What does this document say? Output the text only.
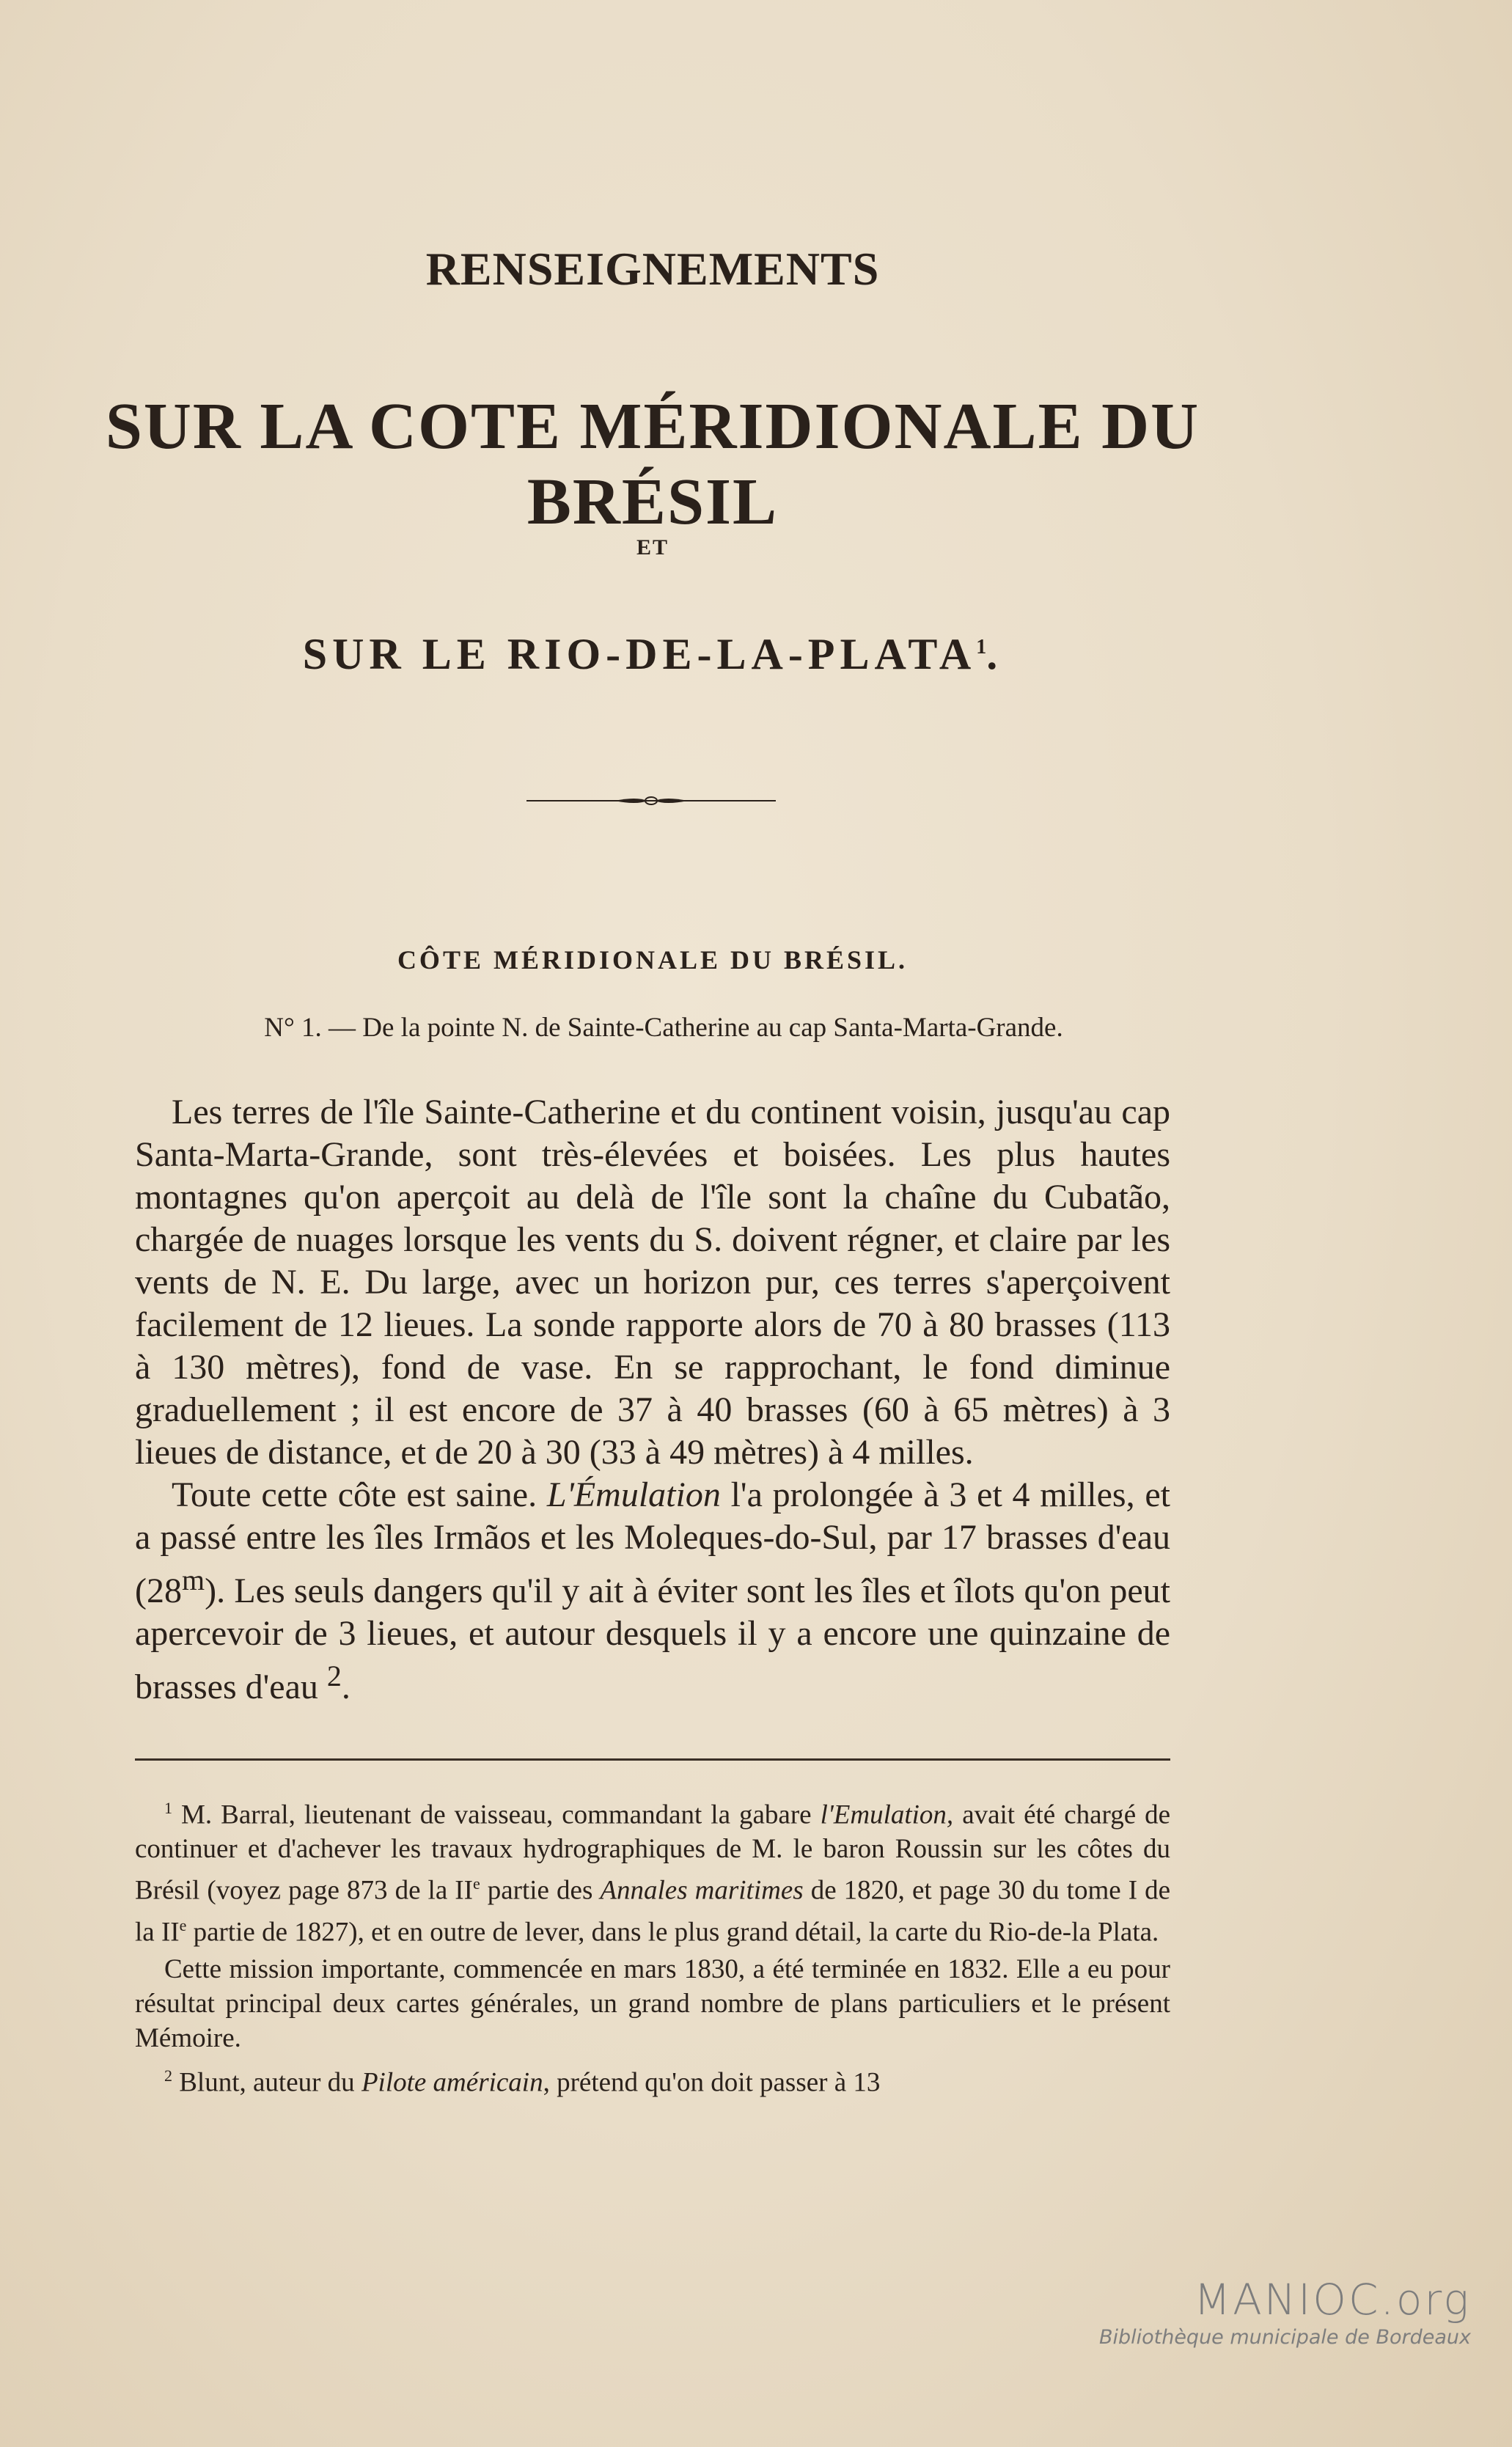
RENSEIGNEMENTS
SUR LA COTE MÉRIDIONALE DU BRÉSIL
ET
SUR LE RIO-DE-LA-PLATA$^1$.
CÔTE MÉRIDIONALE DU BRÉSIL.
N° 1. — De la pointe N. de Sainte-Catherine au cap Santa-Marta-Grande.

Les terres de l'île Sainte-Catherine et du continent voisin, jusqu'au cap Santa-Marta-Grande, sont très-élevées et boisées. Les plus hautes montagnes qu'on aperçoit au delà de l'île sont la chaîne du Cubatão, chargée de nuages lorsque les vents du S. doivent régner, et claire par les vents de N. E. Du large, avec un horizon pur, ces terres s'aperçoivent facilement de 12 lieues. La sonde rapporte alors de 70 à 80 brasses (113 à 130 mètres), fond de vase. En se rapprochant, le fond diminue graduellement ; il est encore de 37 à 40 brasses (60 à 65 mètres) à 3 lieues de distance, et de 20 à 30 (33 à 49 mètres) à 4 milles.

Toute cette côte est saine. L'Émulation l'a prolongée à 3 et 4 milles, et a passé entre les îles Irmãos et les Moleques-do-Sul, par 17 brasses d'eau (28$^m$). Les seuls dangers qu'il y ait à éviter sont les îles et îlots qu'on peut apercevoir de 3 lieues, et autour desquels il y a encore une quinzaine de brasses d'eau $^2$.

$^1$ M. Barral, lieutenant de vaisseau, commandant la gabare l'Emulation, avait été chargé de continuer et d'achever les travaux hydrographiques de M. le baron Roussin sur les côtes du Brésil (voyez page 873 de la IIe partie des Annales maritimes de 1820, et page 30 du tome I de la IIe partie de 1827), et en outre de lever, dans le plus grand détail, la carte du Rio-de-la Plata.

Cette mission importante, commencée en mars 1830, a été terminée en 1832. Elle a eu pour résultat principal deux cartes générales, un grand nombre de plans particuliers et le présent Mémoire.

$^2$ Blunt, auteur du Pilote américain, prétend qu'on doit passer à 13

MANIOC.org
Bibliothèque municipale de Bordeaux
